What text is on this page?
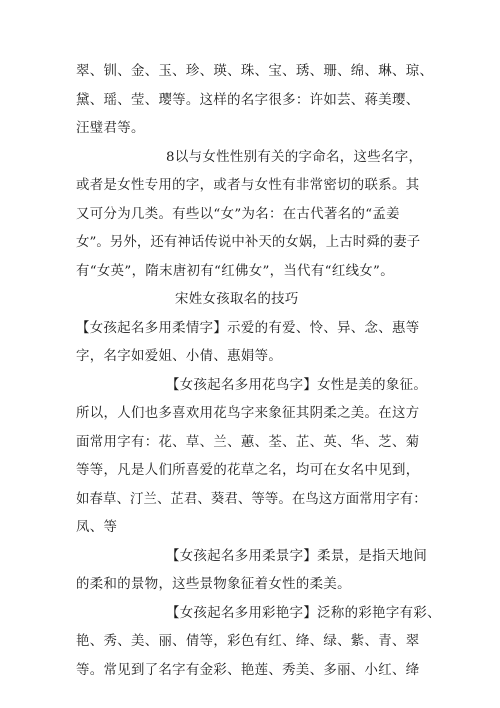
翠、钏、金、玉、珍、瑛、珠、宝、琇、珊、绵、琳、琼、
黛、瑶、莹、璎等。这样的名字很多：许如芸、蒋美璎、
汪璧君等。
8以与女性性别有关的字命名，这些名字，
或者是女性专用的字，或者与女性有非常密切的联系。其
又可分为几类。有些以“女”为名：在古代著名的“孟姜
女”。另外，还有神话传说中补天的女娲，上古时舜的妻子
有“女英”，隋末唐初有“红佛女”，当代有“红线女”。
宋姓女孩取名的技巧
【女孩起名多用柔情字】示爱的有爱、怜、异、念、惠等
字，名字如爱姐、小倩、惠娟等。
【女孩起名多用花鸟字】女性是美的象征。
所以，人们也多喜欢用花鸟字来象征其阴柔之美。在这方
面常用字有：花、草、兰、蕙、荃、芷、英、华、芝、菊
等等，凡是人们所喜爱的花草之名，均可在女名中见到，
如春草、汀兰、芷君、葵君、等等。在鸟这方面常用字有：
凤、等
【女孩起名多用柔景字】柔景，是指天地间
的柔和的景物，这些景物象征着女性的柔美。
【女孩起名多用彩艳字】泛称的彩艳字有彩、
艳、秀、美、丽、倩等，彩色有红、绛、绿、紫、青、翠
等。常见到了名字有金彩、艳莲、秀美、多丽、小红、绛
